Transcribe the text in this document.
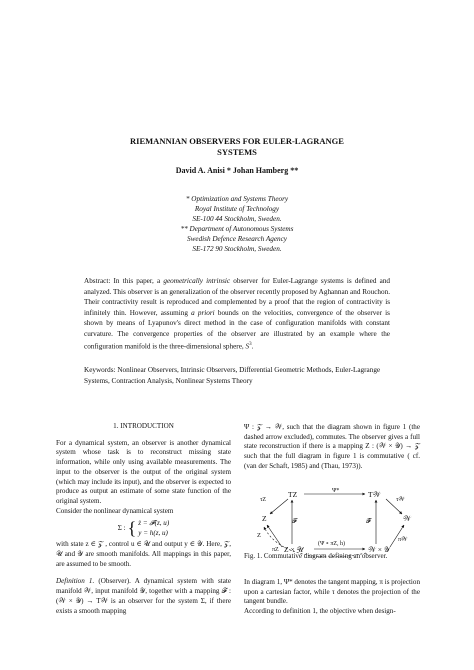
RIEMANNIAN OBSERVERS FOR EULER-LAGRANGE
SYSTEMS
David A. Anisi * Johan Hamberg **
* Optimization and Systems Theory
Royal Institute of Technology
SE-100 44 Stockholm, Sweden.
** Department of Autonomous Systems
Swedish Defence Research Agency
SE-172 90 Stockholm, Sweden.
Abstract: In this paper, a geometrically intrinsic observer for Euler-Lagrange systems is defined and analyzed. This observer is an generalization of the observer recently proposed by Aghannan and Rouchon. Their contractivity result is reproduced and complemented by a proof that the region of contractivity is infinitely thin. However, assuming a priori bounds on the velocities, convergence of the observer is shown by means of Lyapunov's direct method in the case of configuration manifolds with constant curvature. The convergence properties of the observer are illustrated by an example where the configuration manifold is the three-dimensional sphere, $S^3$.
Keywords: Nonlinear Observers, Intrinsic Observers, Differential Geometric Methods, Euler-Lagrange Systems, Contraction Analysis, Nonlinear Systems Theory
1. INTRODUCTION
For a dynamical system, an observer is another dynamical system whose task is to reconstruct missing state information, while only using available measurements. The input to the observer is the output of the original system (which may include its input), and the observer is expected to produce as output an estimate of some state function of the original system.
Consider the nonlinear dynamical system
Σ : { ż = 𝓕(z, u)
y = h(z, u)
with state z ∈ 𝒵 , control u ∈ 𝒰 and output y ∈ 𝒴. Here, 𝒵, 𝒰 and 𝒴 are smooth manifolds. All mappings in this paper, are assumed to be smooth.
Definition 1. (Observer). A dynamical system with state manifold 𝒲, input manifold 𝒴, together with a mapping 𝓕 : (𝒲 × 𝒴) → T𝒲 is an observer for the system Σ, if there exists a smooth mapping
Ψ : 𝒵 → 𝒲, such that the diagram shown in figure 1 (the dashed arrow excluded), commutes. The observer gives a full state reconstruction if there is a mapping Z : (𝒲 × 𝒴) → 𝒵 such that the full diagram in figure 1 is commutative ( cf. (van der Schaft, 1985) and (Thau, 1973)).
TZ	T𝒲
Z	𝒲
Z × 𝒰	𝒲 × 𝒴
Ψ*
τZ	τ𝒲
𝓕	𝓕̂
Z
πZ
π𝒲
(Ψ ∘ πZ, h)
Fig. 1. Commutative diagram defining an observer.
In diagram 1, Ψ* denotes the tangent mapping, π is projection upon a cartesian factor, while τ denotes the projection of the tangent bundle.
According to definition 1, the objective when design-
